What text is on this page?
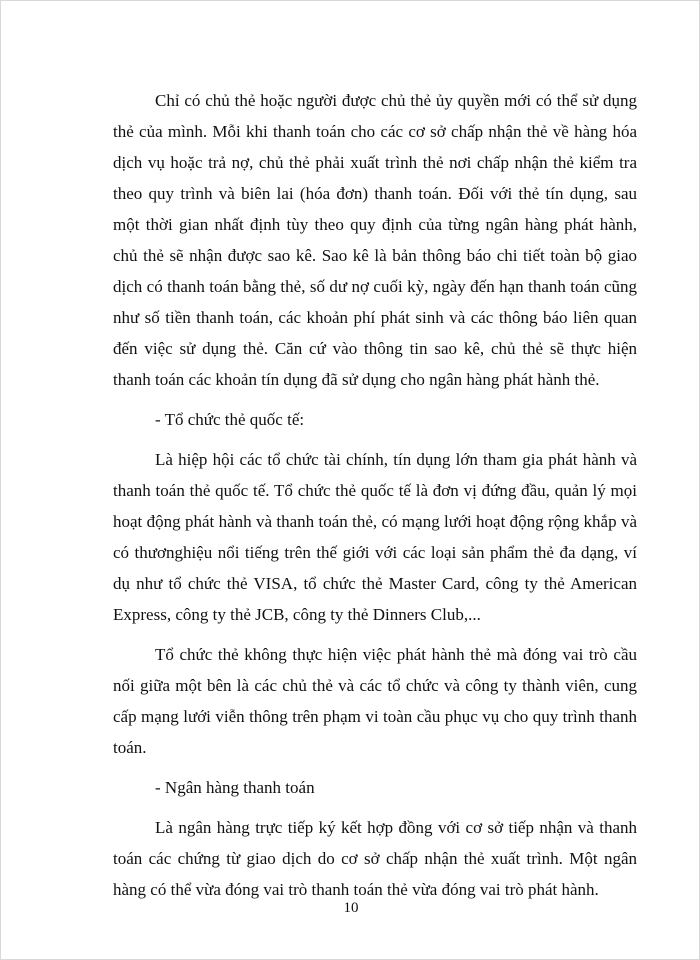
Chỉ có chủ thẻ hoặc người được chủ thẻ ủy quyền mới có thể sử dụng thẻ của mình. Mỗi khi thanh toán cho các cơ sở chấp nhận thẻ về hàng hóa dịch vụ hoặc trả nợ, chủ thẻ phải xuất trình thẻ nơi chấp nhận thẻ kiểm tra theo quy trình và biên lai (hóa đơn) thanh toán. Đối với thẻ tín dụng, sau một thời gian nhất định tùy theo quy định của từng ngân hàng phát hành, chủ thẻ sẽ nhận được sao kê. Sao kê là bản thông báo chi tiết toàn bộ giao dịch có thanh toán bằng thẻ, số dư nợ cuối kỳ, ngày đến hạn thanh toán cũng như số tiền thanh toán, các khoản phí phát sinh và các thông báo liên quan đến việc sử dụng thẻ. Căn cứ vào thông tin sao kê, chủ thẻ sẽ thực hiện thanh toán các khoản tín dụng đã sử dụng cho ngân hàng phát hành thẻ.

- Tổ chức thẻ quốc tế:

Là hiệp hội các tổ chức tài chính, tín dụng lớn tham gia phát hành và thanh toán thẻ quốc tế. Tổ chức thẻ quốc tế là đơn vị đứng đầu, quản lý mọi hoạt động phát hành và thanh toán thẻ, có mạng lưới hoạt động rộng khắp và có thươnghiệu nổi tiếng trên thế giới với các loại sản phẩm thẻ đa dạng, ví dụ như tổ chức thẻ VISA, tổ chức thẻ Master Card, công ty thẻ American Express, công ty thẻ JCB, công ty thẻ Dinners Club,...

Tổ chức thẻ không thực hiện việc phát hành thẻ mà đóng vai trò cầu nối giữa một bên là các chủ thẻ và các tổ chức và công ty thành viên, cung cấp mạng lưới viễn thông trên phạm vi toàn cầu phục vụ cho quy trình thanh toán.

- Ngân hàng thanh toán

Là ngân hàng trực tiếp ký kết hợp đồng với cơ sở tiếp nhận và thanh toán các chứng từ giao dịch do cơ sở chấp nhận thẻ xuất trình. Một ngân hàng có thể vừa đóng vai trò thanh toán thẻ vừa đóng vai trò phát hành.

10
